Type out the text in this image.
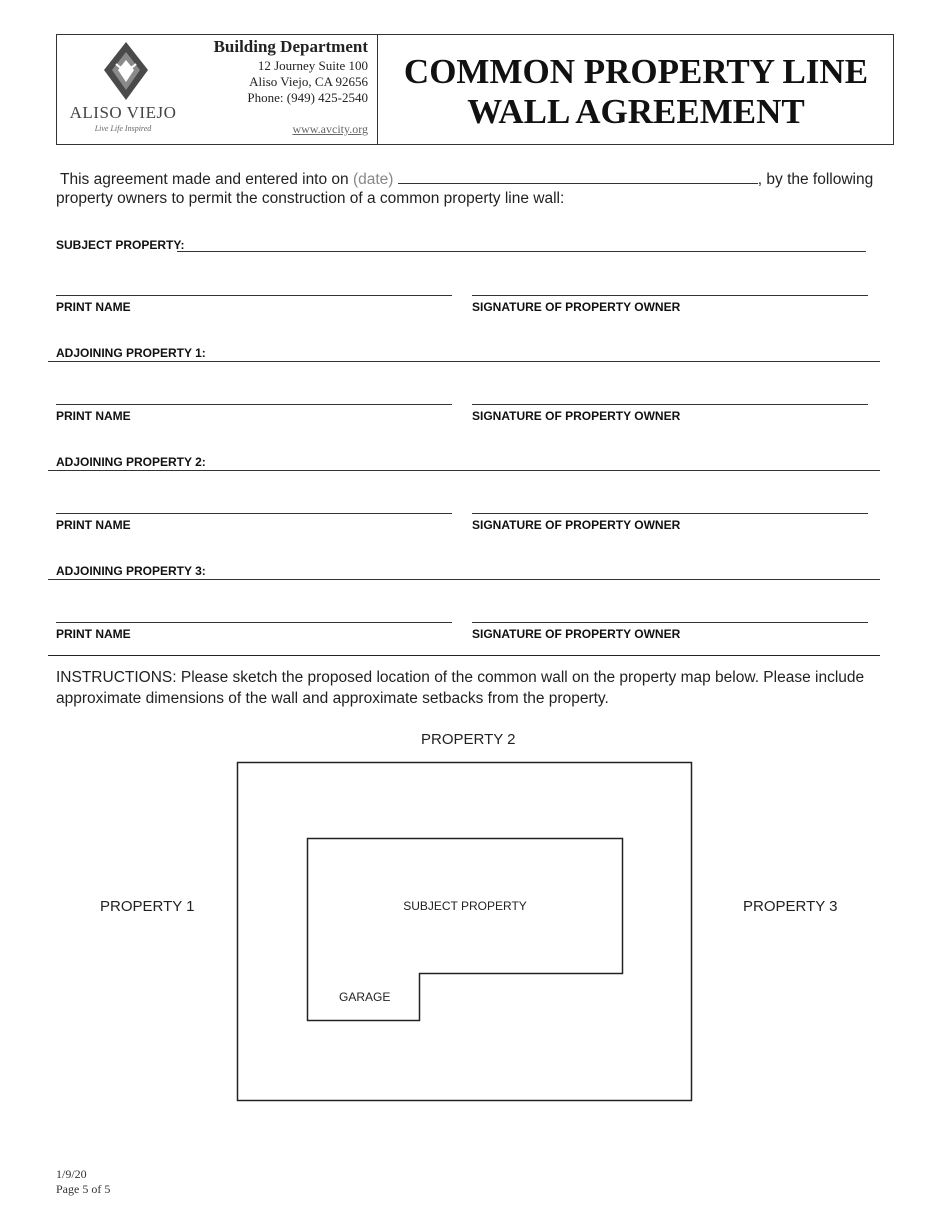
ALISO VIEJO
Live Life Inspired
Building Department
12 Journey Suite 100
Aliso Viejo, CA 92656
Phone: (949) 425-2540
www.avcity.org
COMMON PROPERTY LINE
WALL AGREEMENT
This agreement made and entered into on (date)	, by the following
property owners to permit the construction of a common property line wall:
SUBJECT PROPERTY:
PRINT NAME	SIGNATURE OF PROPERTY OWNER
ADJOINING PROPERTY 1:
PRINT NAME	SIGNATURE OF PROPERTY OWNER
ADJOINING PROPERTY 2:
PRINT NAME	SIGNATURE OF PROPERTY OWNER
ADJOINING PROPERTY 3:
PRINT NAME	SIGNATURE OF PROPERTY OWNER
INSTRUCTIONS: Please sketch the proposed location of the common wall on the property map below. Please include approximate dimensions of the wall and approximate setbacks from the property.
PROPERTY 2
PROPERTY 1	PROPERTY 3
SUBJECT PROPERTY
GARAGE
1/9/20
Page 5 of 5
